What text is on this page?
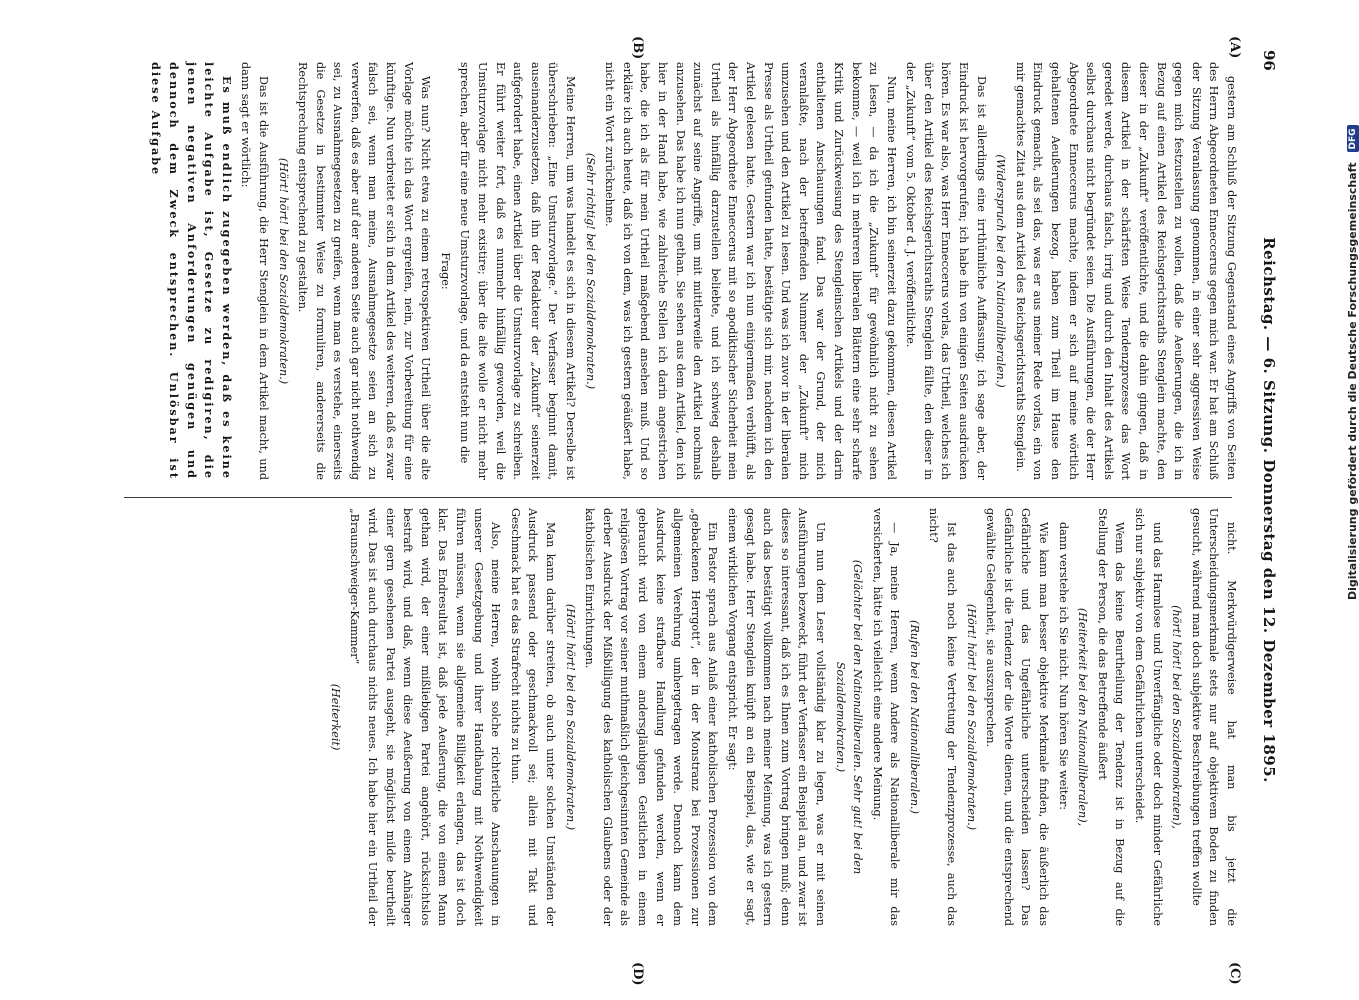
96
Reichstag. — 6. Sitzung. Donnerstag den 12. Dezember 1895.
(A)
(B)
(C)
(D)

gestern am Schluß der Sitzung Gegenstand eines Angriffs von Seiten des Herrn Abgeordneten Enneccerus gegen mich war. Er hat am Schluß der Sitzung Veranlassung genommen, in einer sehr aggressiven Weise gegen mich festzustellen zu wollen, daß die Aeußerungen, die ich in Bezug auf einen Artikel des Reichsgerichtsraths Stenglein machte, den dieser in der „Zukunft“ veröffentlichte, und die dahin gingen, daß in diesem Artikel in der schärfsten Weise Tendenzprozesse das Wort geredet werde, durchaus falsch, irrig und durch den Inhalt des Artikels selbst durchaus nicht begründet seien. Die Ausführungen, die der Herr Abgeordnete Enneccerus machte, indem er sich auf meine wörtlich gehaltenen Aeußerungen bezog, haben zum Theil im Hause den Eindruck gemacht, als sei das, was er aus meiner Rede vorlas, ein von mir gemachtes Zitat aus dem Artikel des Reichsgerichtsraths Stenglein.

(Widerspruch bei den Nationalliberalen.)

Das ist allerdings eine irrthümliche Auffassung; ich sage aber, der Eindruck ist hervorgerufen; ich habe ihn von einigen Seiten ausdrücken hören. Es war also, was Herr Enneccerus vorlas, das Urtheil, welches ich über den Artikel des Reichsgerichtsraths Stenglein fällte, den dieser in der „Zukunft“ vom 5. Oktober d. J. veröffentlichte.

Nun, meine Herren, ich bin seinerzeit dazu gekommen, diesen Artikel zu lesen, — da ich die „Zukunft“ für gewöhnlich nicht zu sehen bekomme, — weil ich in mehreren liberalen Blättern eine sehr scharfe Kritik und Zurückweisung des Stengleinschen Artikels und der darin enthaltenen Anschauungen fand. Das war der Grund, der mich veranlaßte, nach der betreffenden Nummer der „Zukunft“ mich umzusehen und den Artikel zu lesen. Und was ich zuvor in der liberalen Presse als Urtheil gefunden hatte, bestätigte sich mir, nachdem ich den Artikel gelesen hatte. Gestern war ich nun einigermaßen verblüfft, als der Herr Abgeordnete Enneccerus mit so apodiktischer Sicherheit mein Urtheil als hinfällig darzustellen beliebte, und ich schwieg deshalb zunächst auf seine Angriffe, um mit mittlerweile den Artikel nochmals anzusehen. Das habe ich nun gethan. Sie sehen aus dem Artikel, den ich hier in der Hand habe, wie zahlreiche Stellen ich darin angestrichen habe, die ich als für mein Urtheil maßgebend ansehen muß. Und so erkläre ich auch heute, daß ich von dem, was ich gestern geäußert habe, nicht ein Wort zurücknehme.

(Sehr richtig! bei den Sozialdemokraten.)

Meine Herren, um was handelt es sich in diesem Artikel? Derselbe ist überschrieben: „Eine Umsturzvorlage.“ Der Verfasser beginnt damit, auseinanderzusetzen, daß ihn der Redakteur der „Zukunft“ seinerzeit aufgefordert habe, einen Artikel über die Umsturzvorlage zu schreiben. Er führt weiter fort, daß es nunmehr hinfällig geworden, weil die Umsturzvorlage nicht mehr existire; über die alte wolle er nicht mehr sprechen, aber für eine neue Umsturzvorlage, und da entsteht nun die

Frage:

Was nun? Nicht etwa zu einem retrospektiven Urtheil über die alte Vorlage möchte ich das Wort ergreifen, nein, zur Vorbereitung für eine künftige. Nun verbreitet er sich in dem Artikel des weiteren, daß es zwar falsch sei, wenn man meine, Ausnahmegesetze seien an sich zu verwerfen, daß es aber auf der anderen Seite auch gar nicht nothwendig sei, zu Ausnahmegesetzen zu greifen, wenn man es verstehe, einerseits die Gesetze in bestimmter Weise zu formuliren, andererseits die Rechtsprechung entsprechend zu gestalten.

(Hört! hört! bei den Sozialdemokraten.)

Das ist die Ausführung, die Herr Stenglein in dem Artikel macht, und dann sagt er wörtlich:

Es muß endlich zugegeben werden, daß es keine leichte Aufgabe ist, Gesetze zu redigiren, die jenen negativen Anforderungen genügen und dennoch dem Zweck entsprechen. Unlösbar ist diese Aufgabe

nicht. Merkwürdigerweise hat man bis jetzt die Unterscheidungsmerkmale stets nur auf objektivem Boden zu finden gesucht, während man doch subjektive Beschreibungen treffen wollte

(hört! hört! bei den Sozialdemokraten),

und das Harmlose und Unverfängliche oder doch minder Gefährliche sich nur subjektiv von dem Gefährlichen unterscheidet.

Wenn das keine Beurtheilung der Tendenz ist in Bezug auf die Stellung der Person, die das Betreffende äußert

(Heiterkeit bei den Nationalliberalen),

dann verstehe ich Sie nicht. Nun hören Sie weiter:

Wie kann man besser objektive Merkmale finden, die äußerlich das Gefährliche und das Ungefährliche unterscheiden lassen? Das Gefährliche ist die Tendenz der die Worte dienen, und die entsprechend gewählte Gelegenheit, sie auszusprechen.

(Hört! hört! bei den Sozialdemokraten.)

Ist das auch noch keine Vertretung der Tendenzprozesse, auch das nicht?

(Rufen bei den Nationalliberalen.)

— Ja, meine Herren, wenn Andere als Nationalliberale mir das versicherten, hätte ich vielleicht eine andere Meinung.

(Gelächter bei den Nationalliberalen. Sehr gut! bei den Sozialdemokraten.)

Um nun dem Leser vollständig klar zu legen, was er mit seinen Ausführungen bezweckt, führt der Verfasser ein Beispiel an, und zwar ist dieses so interessant, daß ich es Ihnen zum Vortrag bringen muß; denn auch das bestätigt vollkommen nach meiner Meinung, was ich gestern gesagt habe. Herr Stenglein knüpft an ein Beispiel, das, wie er sagt, einem wirklichen Vorgang entspricht. Er sagt:

Ein Pastor sprach aus Anlaß einer katholischen Prozession von dem „gebackenen Herrgott“, der in der Monstranz bei Prozessionen zur allgemeinen Verehrung umhergetragen werde. Dennoch kann dem Ausdruck keine strafbare Handlung gefunden werden, wenn er gebraucht wird von einem andersgläubigen Geistlichen in einem religiösen Vortrag vor seiner muthmaßlich gleichgesinnten Gemeinde als derber Ausdruck der Mißbilligung des katholischen Glaubens oder der katholischen Einrichtungen.

(Hört! hört! bei den Sozialdemokraten.)

Man kann darüber streiten, ob auch unter solchen Umständen der Ausdruck passend oder geschmackvoll sei; allein mit Takt und Geschmack hat es das Strafrecht nichts zu thun.

Also, meine Herren, wohin solche richterliche Anschauungen in unserer Gesetzgebung und ihrer Handhabung mit Nothwendigkeit führen müssen, wenn sie allgemeine Billigkeit erlangen, das ist doch klar. Das Endresultat ist, daß jede Aeußerung, die von einem Mann gethan wird, der einer mißliebigen Partei angehört, rücksichtslos bestraft wird, und daß, wenn diese Aeußerung von einem Anhänger einer gern gesehenen Partei ausgeht, sie möglichst milde beurtheilt wird. Das ist auch durchaus nichts neues. Ich habe hier ein Urtheil der „Braunschweiger-Kammer“

(Heiterkeit)

Digitalisierung gefördert durch die Deutsche Forschungsgemeinschaft DFG
